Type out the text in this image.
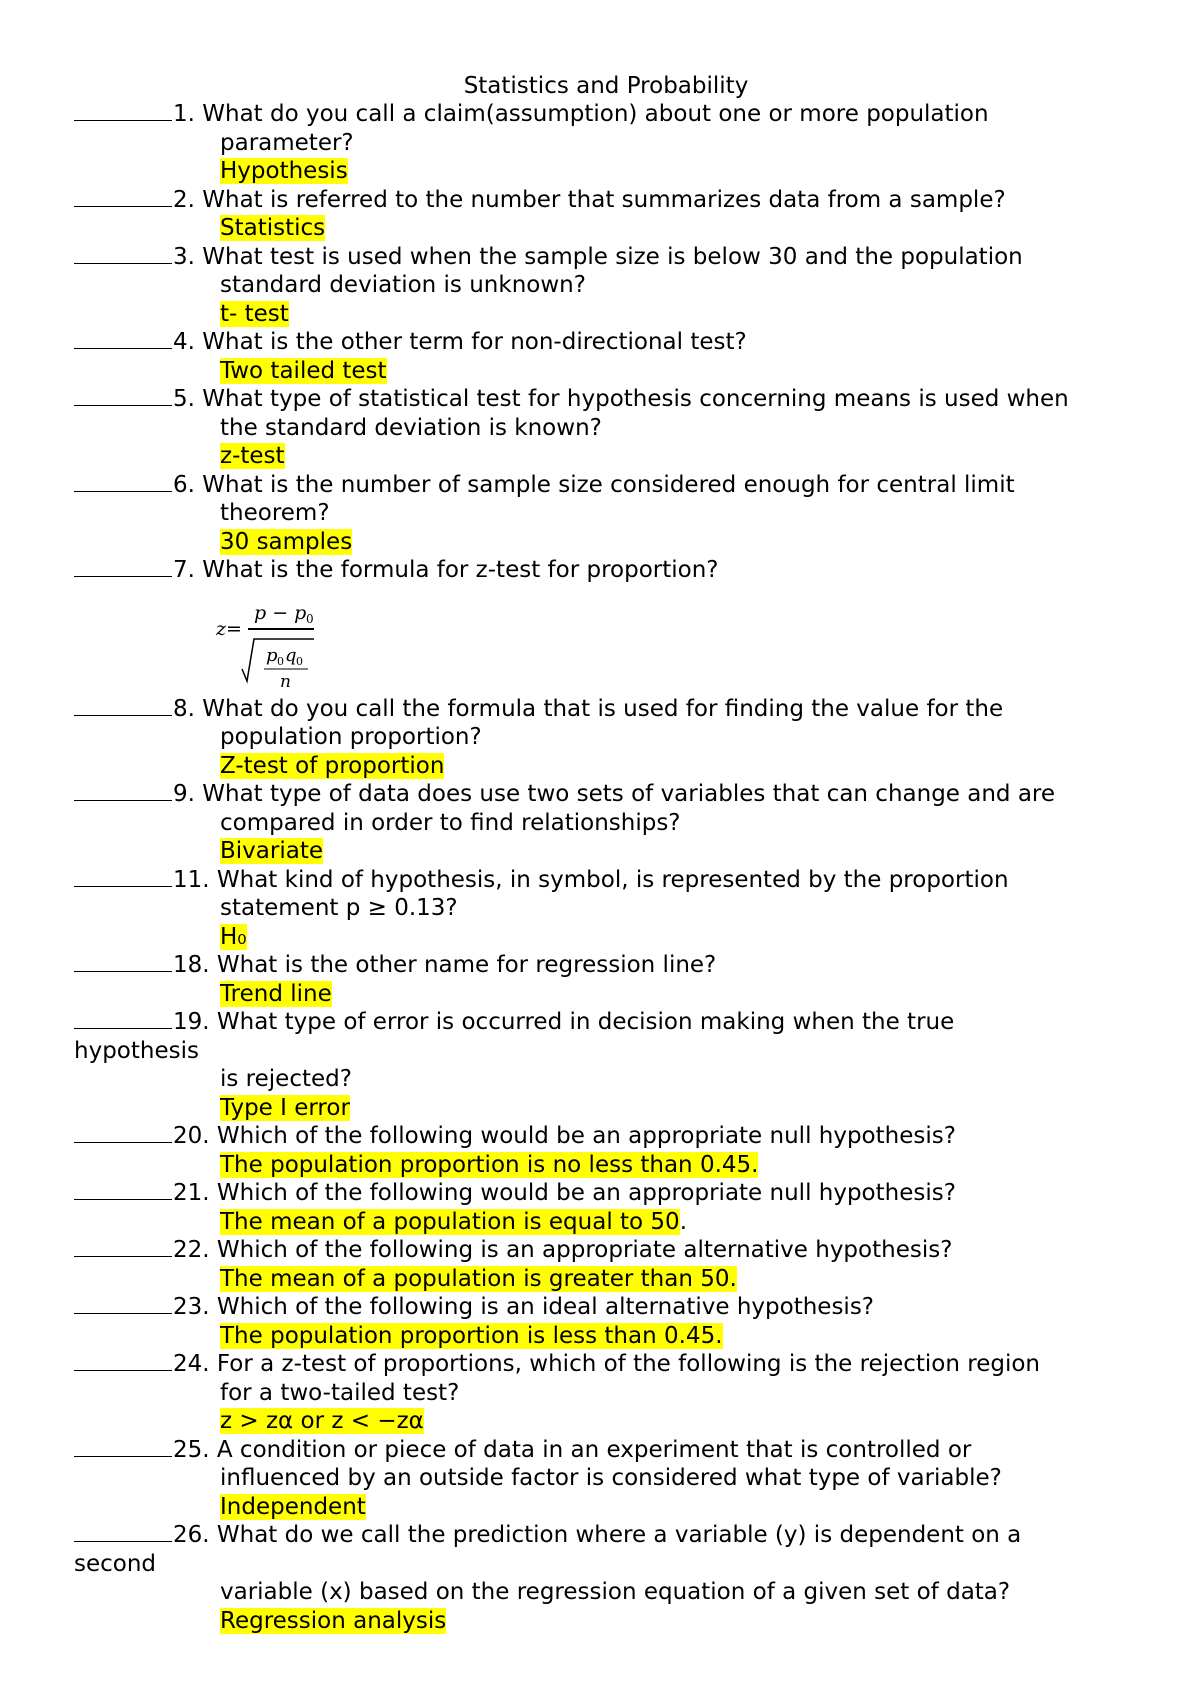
Statistics and Probability
1. What do you call a claim(assumption) about one or more population
parameter?
Hypothesis
2. What is referred to the number that summarizes data from a sample?
Statistics
3. What test is used when the sample size is below 30 and the population
standard deviation is unknown?
t- test
4. What is the other term for non-directional test?
Two tailed test
5. What type of statistical test for hypothesis concerning means is used when
the standard deviation is known?
z-test
6. What is the number of sample size considered enough for central limit
theorem?
30 samples
7. What is the formula for z-test for proportion?
z=
p − p 0
p 0 q 0
n
8. What do you call the formula that is used for finding the value for the
population proportion?
Z-test of proportion
9. What type of data does use two sets of variables that can change and are
compared in order to find relationships?
Bivariate
11. What kind of hypothesis, in symbol, is represented by the proportion
statement p ≥ 0.13?
H₀
18. What is the other name for regression line?
Trend line
19. What type of error is occurred in decision making when the true
hypothesis
is rejected?
Type I error
20. Which of the following would be an appropriate null hypothesis?
The population proportion is no less than 0.45.
21. Which of the following would be an appropriate null hypothesis?
The mean of a population is equal to 50.
22. Which of the following is an appropriate alternative hypothesis?
The mean of a population is greater than 50.
23. Which of the following is an ideal alternative hypothesis?
The population proportion is less than 0.45.
24. For a z-test of proportions, which of the following is the rejection region
for a two-tailed test?
z > zα or z < −zα
25. A condition or piece of data in an experiment that is controlled or
influenced by an outside factor is considered what type of variable?
Independent
26. What do we call the prediction where a variable (y) is dependent on a
second
variable (x) based on the regression equation of a given set of data?
Regression analysis
